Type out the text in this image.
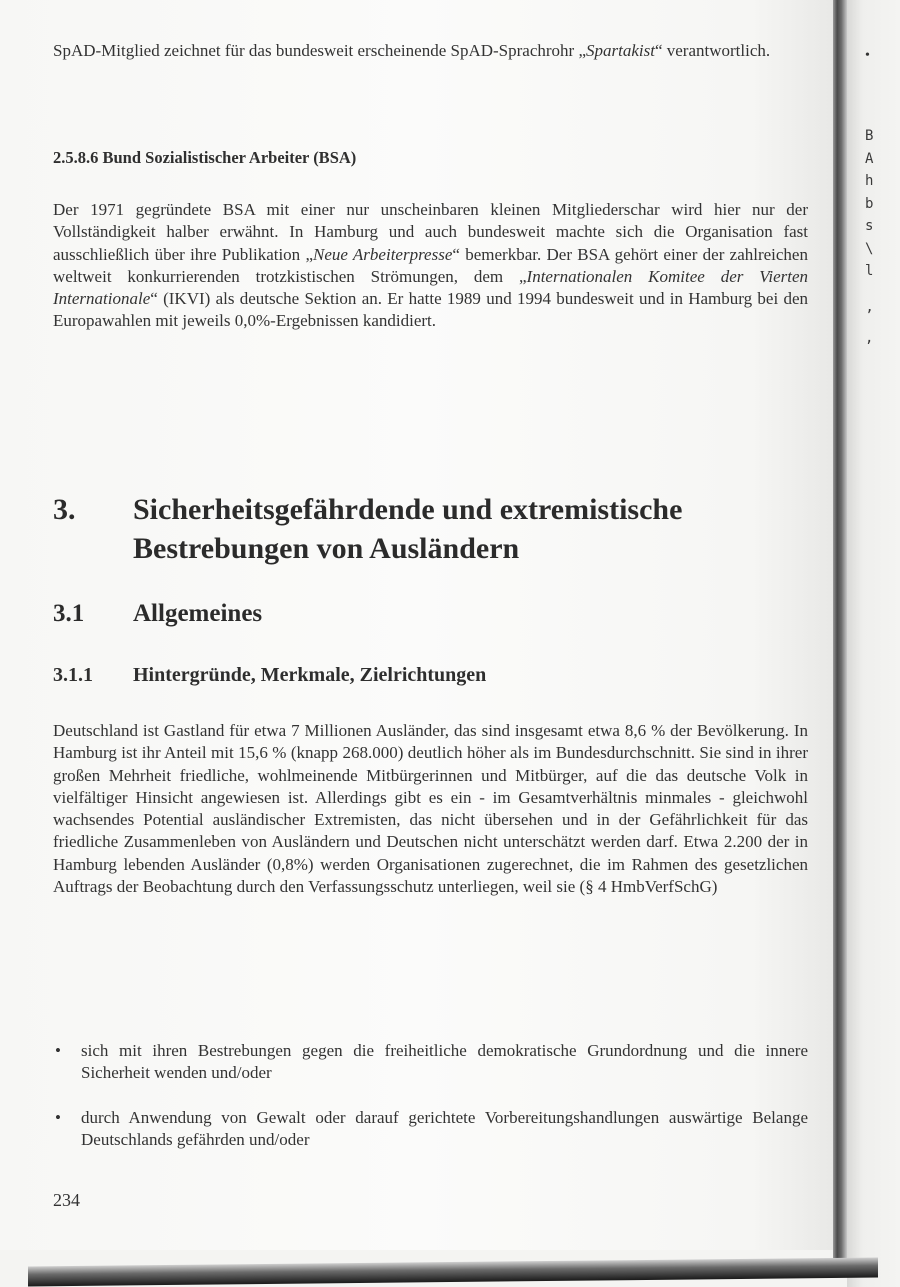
•
B
A
h
b
s
\
l
’
‚

SpAD-Mitglied zeichnet für das bundesweit erscheinende SpAD-Sprachrohr „Spartakist“ verantwortlich.

2.5.8.6 Bund Sozialistischer Arbeiter (BSA)

Der 1971 gegründete BSA mit einer nur unscheinbaren kleinen Mitgliederschar wird hier nur der Vollständigkeit halber erwähnt. In Hamburg und auch bundesweit machte sich die Organisation fast ausschließlich über ihre Publikation „Neue Arbeiterpresse“ bemerkbar. Der BSA gehört einer der zahlreichen weltweit konkurrierenden trotzkistischen Strömungen, dem „Internationalen Komitee der Vierten Internationale“ (IKVI) als deutsche Sektion an. Er hatte 1989 und 1994 bundesweit und in Hamburg bei den Europawahlen mit jeweils 0,0%-Ergebnissen kandidiert.

3.	Sicherheitsgefährdende und extremistische Bestrebungen von Ausländern
3.1	Allgemeines
3.1.1	Hintergründe, Merkmale, Zielrichtungen

Deutschland ist Gastland für etwa 7 Millionen Ausländer, das sind insgesamt etwa 8,6 % der Bevölkerung. In Hamburg ist ihr Anteil mit 15,6 % (knapp 268.000) deutlich höher als im Bundesdurchschnitt. Sie sind in ihrer großen Mehrheit friedliche, wohlmeinende Mitbürgerinnen und Mitbürger, auf die das deutsche Volk in vielfältiger Hinsicht angewiesen ist. Allerdings gibt es ein - im Gesamtverhältnis minmales - gleichwohl wachsendes Potential ausländischer Extremisten, das nicht übersehen und in der Gefährlichkeit für das friedliche Zusammenleben von Ausländern und Deutschen nicht unterschätzt werden darf. Etwa 2.200 der in Hamburg lebenden Ausländer (0,8%) werden Organisationen zugerechnet, die im Rahmen des gesetzlichen Auftrags der Beobachtung durch den Verfassungsschutz unterliegen, weil sie (§ 4 HmbVerfSchG)

• sich mit ihren Bestrebungen gegen die freiheitliche demokratische Grundordnung und die innere Sicherheit wenden und/oder
• durch Anwendung von Gewalt oder darauf gerichtete Vorbereitungshandlungen auswärtige Belange Deutschlands gefährden und/oder
234
